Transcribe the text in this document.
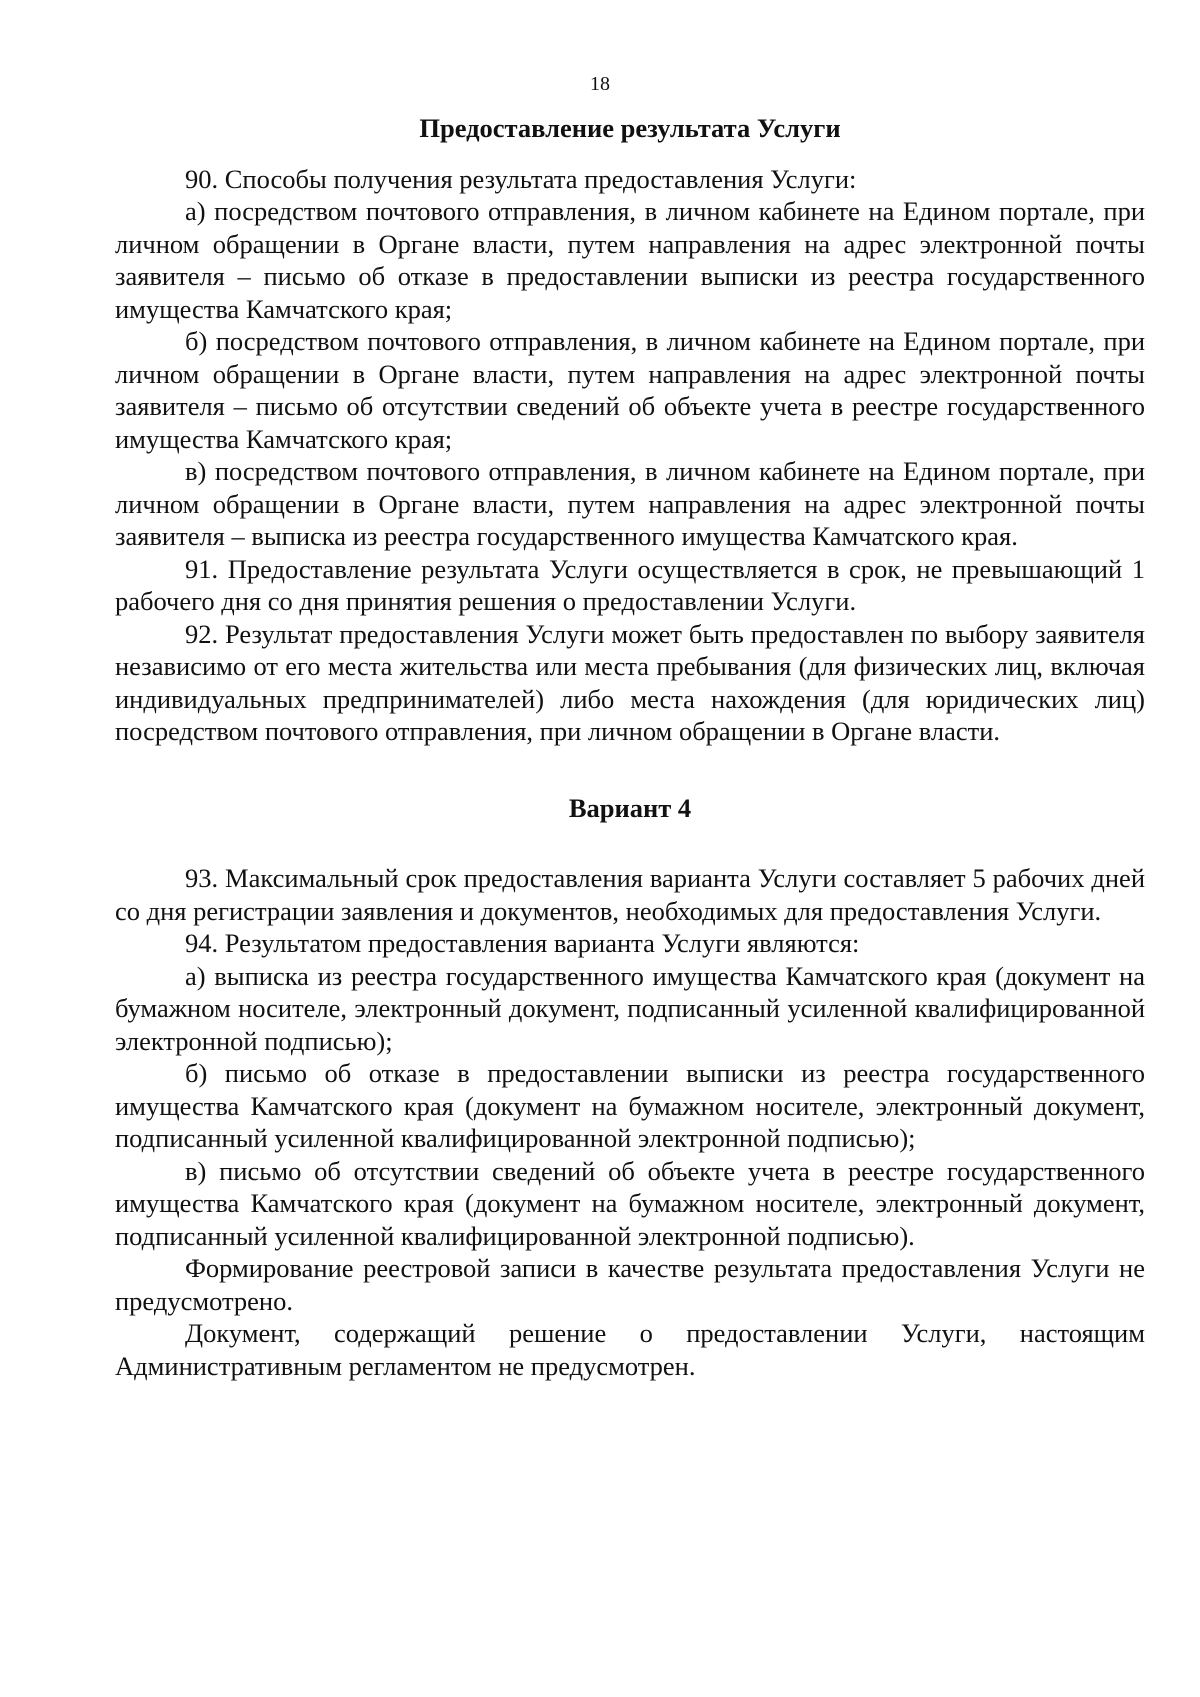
18

Предоставление результата Услуги

90. Способы получения результата предоставления Услуги:

а) посредством почтового отправления, в личном кабинете на Едином портале, при личном обращении в Органе власти, путем направления на адрес электронной почты заявителя – письмо об отказе в предоставлении выписки из реестра государственного имущества Камчатского края;

б) посредством почтового отправления, в личном кабинете на Едином портале, при личном обращении в Органе власти, путем направления на адрес электронной почты заявителя – письмо об отсутствии сведений об объекте учета в реестре государственного имущества Камчатского края;

в) посредством почтового отправления, в личном кабинете на Едином портале, при личном обращении в Органе власти, путем направления на адрес электронной почты заявителя – выписка из реестра государственного имущества Камчатского края.

91. Предоставление результата Услуги осуществляется в срок, не превышающий 1 рабочего дня со дня принятия решения о предоставлении Услуги.

92. Результат предоставления Услуги может быть предоставлен по выбору заявителя независимо от его места жительства или места пребывания (для физических лиц, включая индивидуальных предпринимателей) либо места нахождения (для юридических лиц) посредством почтового отправления, при личном обращении в Органе власти.

Вариант 4

93. Максимальный срок предоставления варианта Услуги составляет 5 рабочих дней со дня регистрации заявления и документов, необходимых для предоставления Услуги.

94. Результатом предоставления варианта Услуги являются:

а) выписка из реестра государственного имущества Камчатского края (документ на бумажном носителе, электронный документ, подписанный усиленной квалифицированной электронной подписью);

б) письмо об отказе в предоставлении выписки из реестра государственного имущества Камчатского края (документ на бумажном носителе, электронный документ, подписанный усиленной квалифицированной электронной подписью);

в) письмо об отсутствии сведений об объекте учета в реестре государственного имущества Камчатского края (документ на бумажном носителе, электронный документ, подписанный усиленной квалифицированной электронной подписью).

Формирование реестровой записи в качестве результата предоставления Услуги не предусмотрено.

Документ, содержащий решение о предоставлении Услуги, настоящим Административным регламентом не предусмотрен.
